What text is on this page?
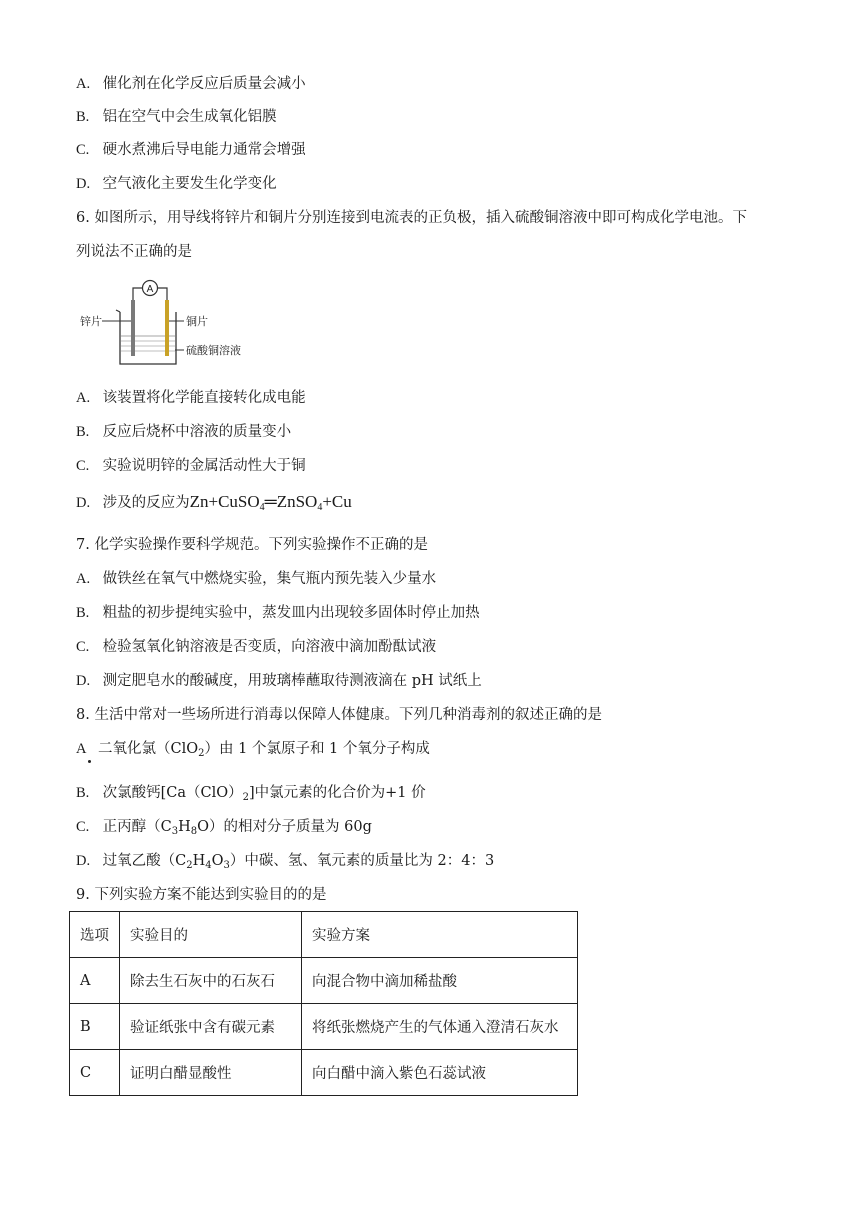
A. 催化剂在化学反应后质量会减小
B. 铝在空气中会生成氧化铝膜
C. 硬水煮沸后导电能力通常会增强
D. 空气液化主要发生化学变化
6. 如图所示，用导线将锌片和铜片分别连接到电流表的正负极，插入硫酸铜溶液中即可构成化学电池。下
列说法不正确的是
A
锌片	铜片
硫酸铜溶液
A. 该装置将化学能直接转化成电能
B. 反应后烧杯中溶液的质量变小
C. 实验说明锌的金属活动性大于铜
D. 涉及的反应为Zn+CuSO$_4$═ZnSO$_4$+Cu
7. 化学实验操作要科学规范。下列实验操作不正确的是
A. 做铁丝在氧气中燃烧实验，集气瓶内预先装入少量水
B. 粗盐的初步提纯实验中，蒸发皿内出现较多固体时停止加热
C. 检验氢氧化钠溶液是否变质，向溶液中滴加酚酞试液
D. 测定肥皂水的酸碱度，用玻璃棒蘸取待测液滴在 pH 试纸上
8. 生活中常对一些场所进行消毒以保障人体健康。下列几种消毒剂的叙述正确的是
A 二氧化氯（ClO$_2$）由 1 个氯原子和 1 个氧分子构成
B. 次氯酸钙$[Ca(ClO)_2]$中氯元素的化合价为+1 价
C. 正丙醇$(C_3H_8O)$的相对分子质量为 60g
D. 过氧乙酸$(C_2H_4O_3)$中碳、氢、氧元素的质量比为 2：4：3
9. 下列实验方案不能达到实验目的的是
选项	实验目的	实验方案
A	除去生石灰中的石灰石	向混合物中滴加稀盐酸
B	验证纸张中含有碳元素	将纸张燃烧产生的气体通入澄清石灰水
C	证明白醋显酸性	向白醋中滴入紫色石蕊试液
